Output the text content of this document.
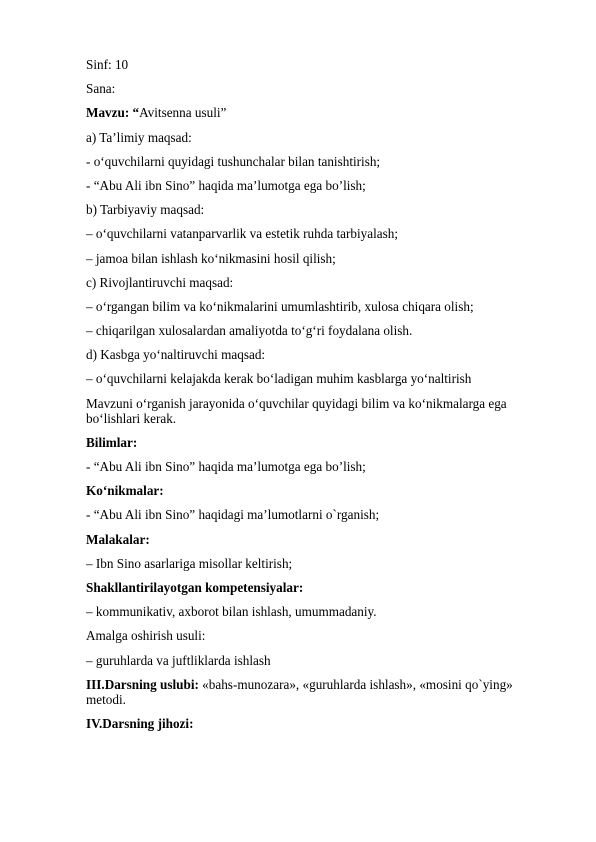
Sinf: 10
Sana:
Mavzu: “Avitsenna usuli”
a) Ta’limiy maqsad:
- o‘quvchilarni quyidagi tushunchalar bilan tanishtirish;
- “Abu Ali ibn Sino” haqida ma’lumotga ega bo’lish;
b) Tarbiyaviy maqsad:
– o‘quvchilarni vatanparvarlik va estetik ruhda tarbiyalash;
– jamoa bilan ishlash ko‘nikmasini hosil qilish;
c) Rivojlantiruvchi maqsad:
– o‘rgangan bilim va ko‘nikmalarini umumlashtirib, xulosa chiqara olish;
– chiqarilgan xulosalardan amaliyotda to‘g‘ri foydalana olish.
d) Kasbga yo‘naltiruvchi maqsad:
– o‘quvchilarni kelajakda kerak bo‘ladigan muhim kasblarga yo‘naltirish
Mavzuni o‘rganish jarayonida o‘quvchilar quyidagi bilim va ko‘nikmalarga ega bo‘lishlari kerak.
Bilimlar:
- “Abu Ali ibn Sino” haqida ma’lumotga ega bo’lish;
Ko‘nikmalar:
- “Abu Ali ibn Sino” haqidagi ma’lumotlarni o`rganish;
Malakalar:
– Ibn Sino asarlariga misollar keltirish;
Shakllantirilayotgan kompetensiyalar:
– kommunikativ, axborot bilan ishlash, umummadaniy.
Amalga oshirish usuli:
– guruhlarda va juftliklarda ishlash
III.Darsning uslubi: «bahs-munozara», «guruhlarda ishlash», «mosini qo`ying» metodi.
IV.Darsning jihozi:
